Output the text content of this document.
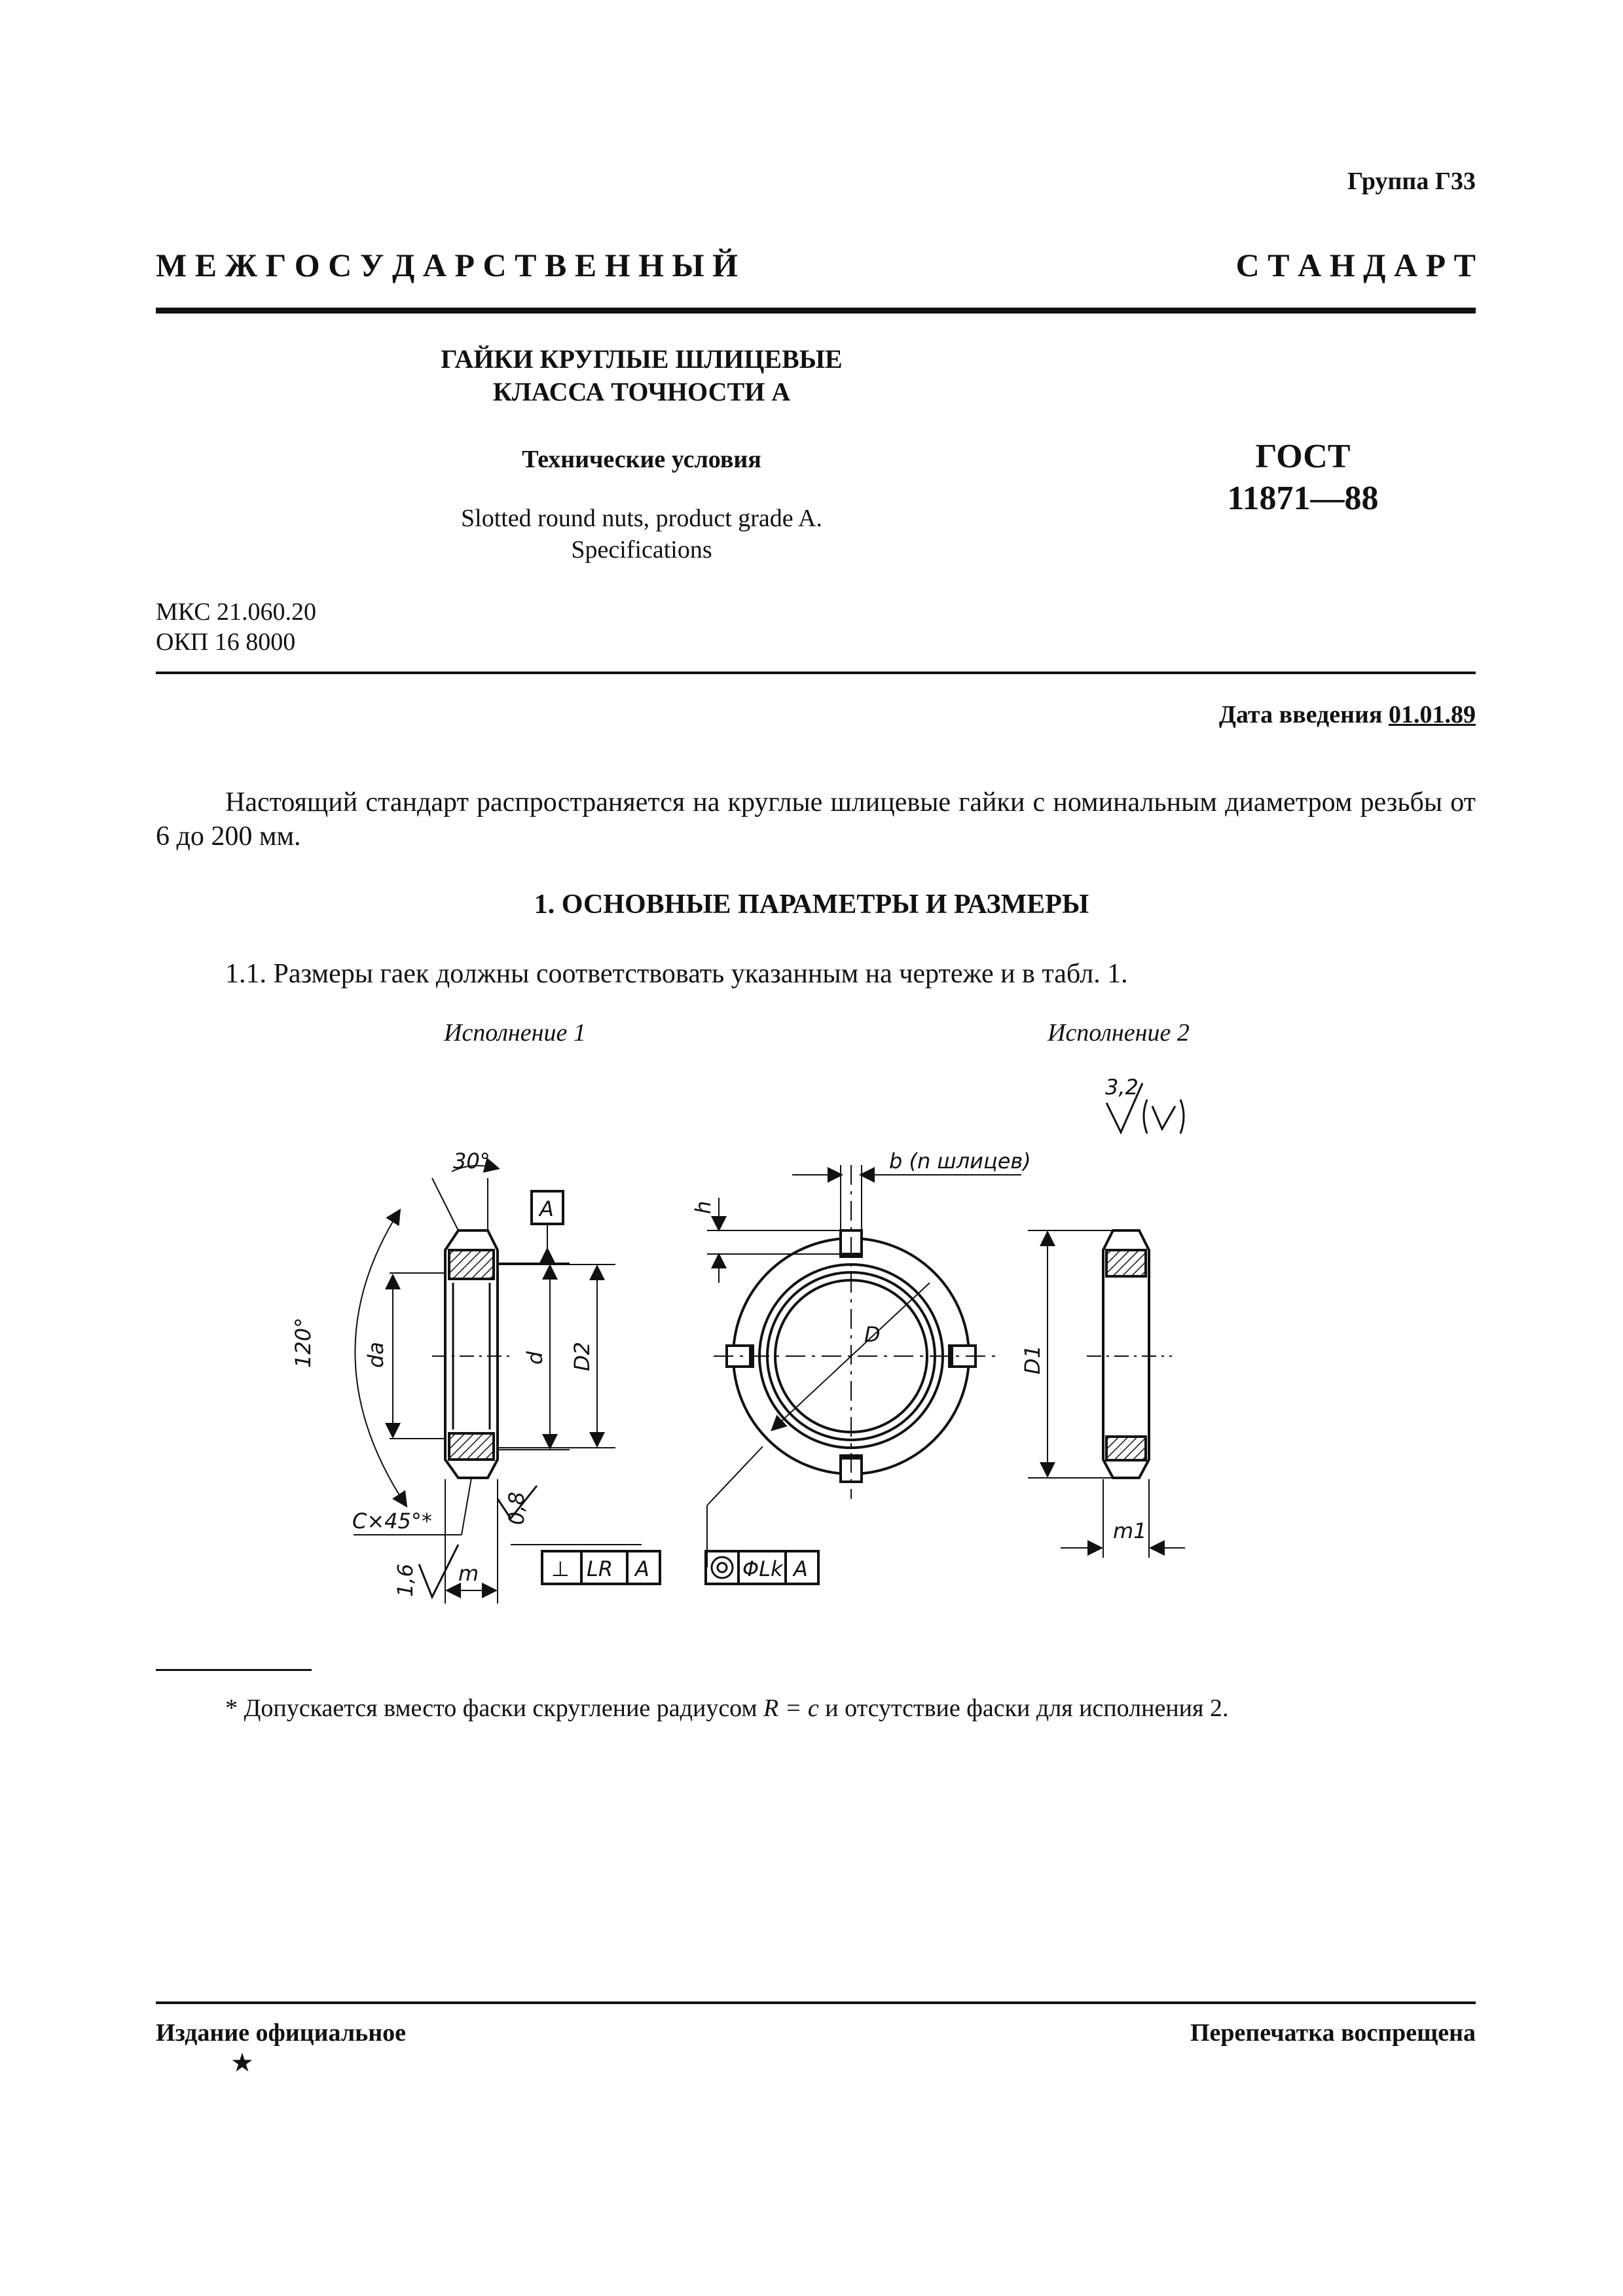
Группа Г33
М Е Ж Г О С У Д А Р С Т В Е Н Н Ы Й	С Т А Н Д А Р Т
ГАЙКИ КРУГЛЫЕ ШЛИЦЕВЫЕ
КЛАССА ТОЧНОСТИ А
Технические условия
Slotted round nuts, product grade A.
Specifications
ГОСТ
11871—88
МКС 21.060.20
ОКП 16 8000
Дата введения 01.01.89
Настоящий стандарт распространяется на круглые шлицевые гайки с номинальным диаметром резьбы от 6 до 200 мм.
1. ОСНОВНЫЕ ПАРАМЕТРЫ И РАЗМЕРЫ
1.1. Размеры гаек должны соответствовать указанным на чертеже и в табл. 1.
Исполнение 1	Исполнение 2
30°
120°
A
da	d D2
C×45°*	0,8
1,6 m	⊥ LR A
h
b (n шлицев)
D
◎ ΦLk A
D1
m1
3,2
* Допускается вместо фаски скругление радиусом R = c и отсутствие фаски для исполнения 2.
Издание официальное	Перепечатка воспрещена
★
